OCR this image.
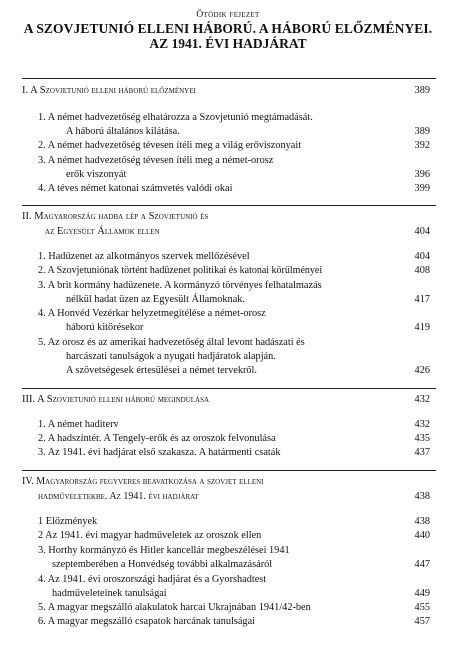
Ötödik fejezet
A SZOVJETUNIÓ ELLENI HÁBORÚ. A HÁBORÚ ELŐZMÉNYEI.
AZ 1941. ÉVI HADJÁRAT
I. A Szovjetunió elleni háború előzményei	389
1. A német hadvezetőség elhatározza a Szovjetunió megtámadását.
A háború általános kilátása.	389
2. A német hadvezetőség tévesen ítéli meg a világ erőviszonyait	392
3. A német hadvezetőség tévesen ítéli meg a német-orosz
erők viszonyát	396
4. A téves német katonai számvetés valódi okai	399
II. Magyarország hadba lép a Szovjetunió és
az Egyesült Államok ellen	404
1. Hadüzenet az alkotmányos szervek mellőzésével	404
2. A Szovjetuniónak történt hadüzenet politikai és katonai körülményei	408
3. A brit kormány hadüzenete. A kormányzó törvényes felhatalmazás
nélkül hadat üzen az Egyesült Államoknak.	417
4. A Honvéd Vezérkar helyzetmegítélése a német-orosz
háború kitörésekor	419
5. Az orosz és az amerikai hadvezetőség által levont hadászati és
harcászati tanulságok a nyugati hadjáratok alapján.
A szövetségesek értesülései a német tervekről.	426
III. A Szovjetunió elleni háború megindulása	432
1. A német haditerv	432
2. A hadszíntér. A Tengely-erők és az oroszok felvonulása	435
3. Az 1941. évi hadjárat első szakasza. A határmenti csaták	437
IV. Magyarország fegyveres beavatkozása a szovjet elleni
hadműveletekbe. Az 1941. évi hadjárat	438
1 Előzmények	438
2 Az 1941. évi magyar hadműveletek az oroszok ellen	440
3. Horthy kormányzó és Hitler kancellár megbeszélései 1941
szeptemberében a Honvédség további alkalmazásáról	447
4. Az 1941. évi oroszországi hadjárat és a Gyorshadtest
hadműveleteinek tanulságai	449
5. A magyar megszálló alakulatok harcai Ukrajnában 1941/42-ben	455
6. A magyar megszálló csapatok harcának tanulságai	457
